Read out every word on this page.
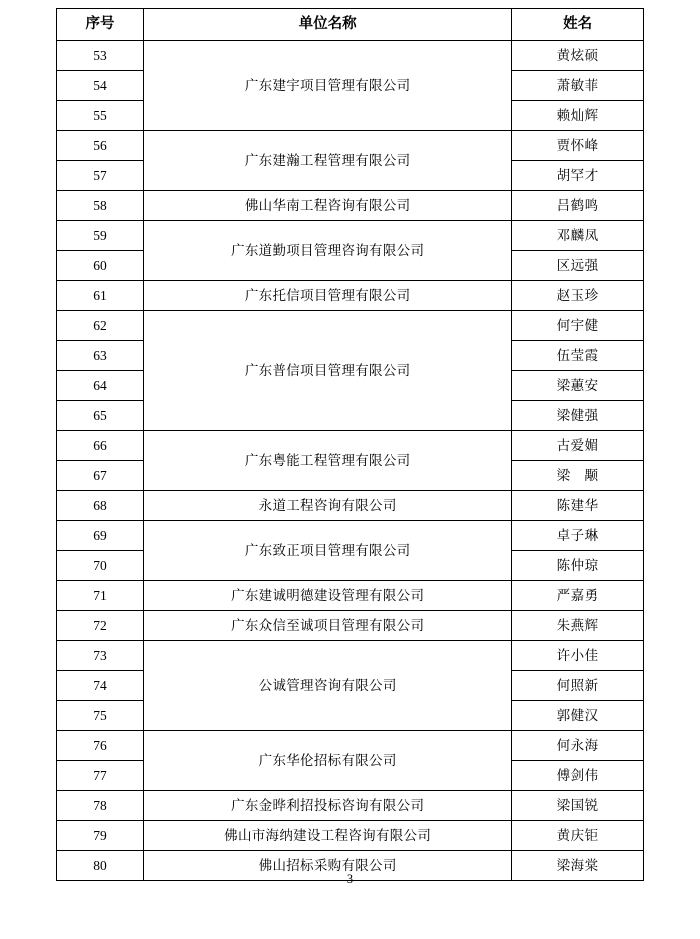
序号	单位名称	姓名
53	广东建宇项目管理有限公司	黄炫硕
54		萧敏菲
55		赖灿辉
56	广东建瀚工程管理有限公司	贾怀峰
57		胡罕才
58	佛山华南工程咨询有限公司	吕鹤鸣
59	广东道勤项目管理咨询有限公司	邓麟凤
60		区远强
61	广东托信项目管理有限公司	赵玉珍
62	广东普信项目管理有限公司	何宇健
63		伍莹霞
64		梁蕙安
65		梁健强
66	广东粤能工程管理有限公司	古爱媚
67		梁　颙
68	永道工程咨询有限公司	陈建华
69	广东致正项目管理有限公司	卓子琳
70		陈仲琼
71	广东建诚明德建设管理有限公司	严嘉勇
72	广东众信至诚项目管理有限公司	朱燕辉
73	公诚管理咨询有限公司	许小佳
74		何照新
75		郭健汉
76	广东华伦招标有限公司	何永海
77		傅剑伟
78	广东金晔利招投标咨询有限公司	梁国锐
79	佛山市海纳建设工程咨询有限公司	黄庆钜
80	佛山招标采购有限公司	梁海棠
3
